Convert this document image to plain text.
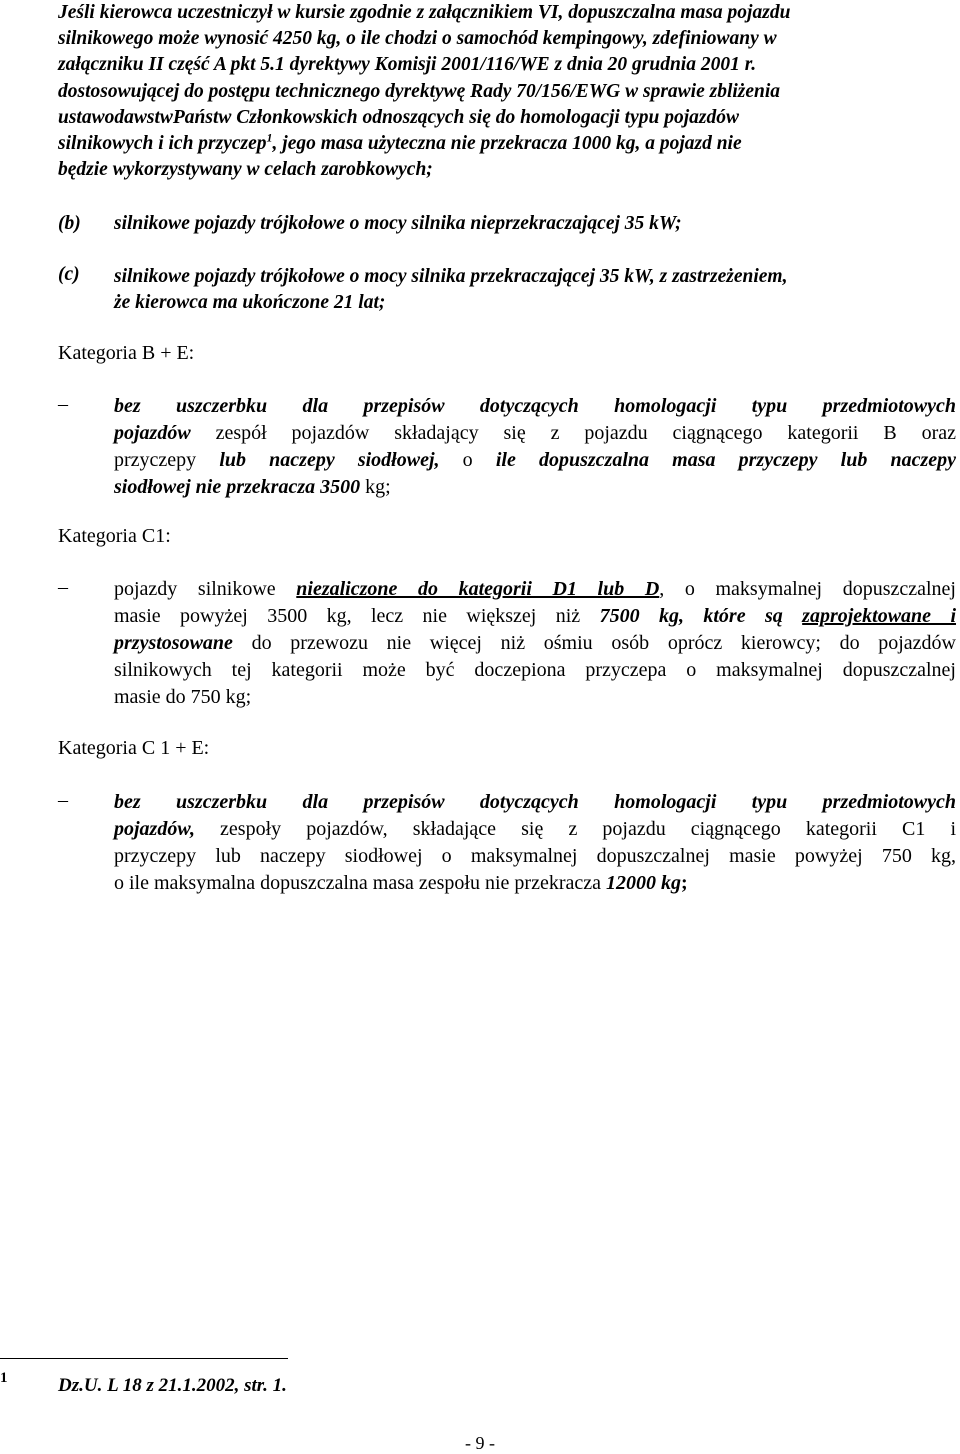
Jeśli kierowca uczestniczył w kursie zgodnie z załącznikiem VI, dopuszczalna masa pojazdu
silnikowego może wynosić 4250 kg, o ile chodzi o samochód kempingowy, zdefiniowany w
załączniku II część A pkt 5.1 dyrektywy Komisji 2001/116/WE z dnia 20 grudnia 2001 r.
dostosowującej do postępu technicznego dyrektywę Rady 70/156/EWG w sprawie zbliżenia
ustawodawstwPaństw Członkowskich odnoszących się do homologacji typu pojazdów
silnikowych i ich przyczep$^1$, jego masa użyteczna nie przekracza 1000 kg, a pojazd nie
będzie wykorzystywany w celach zarobkowych;
(b) silnikowe pojazdy trójkołowe o mocy silnika nieprzekraczającej 35 kW;
(c) silnikowe pojazdy trójkołowe o mocy silnika przekraczającej 35 kW, z zastrzeżeniem,
że kierowca ma ukończone 21 lat;
Kategoria B + E:
– bez uszczerbku dla przepisów dotyczących homologacji typu przedmiotowych
pojazdów zespół pojazdów składający się z pojazdu ciągnącego kategorii B oraz
przyczepy lub naczepy siodłowej, o ile dopuszczalna masa przyczepy lub naczepy
siodłowej nie przekracza 3500 kg;
Kategoria C1:
– pojazdy silnikowe niezaliczone do kategorii D1 lub D, o maksymalnej dopuszczalnej
masie powyżej 3500 kg, lecz nie większej niż 7500 kg, które są zaprojektowane i
przystosowane do przewozu nie więcej niż ośmiu osób oprócz kierowcy; do pojazdów
silnikowych tej kategorii może być doczepiona przyczepa o maksymalnej dopuszczalnej
masie do 750 kg;
Kategoria C 1 + E:
– bez uszczerbku dla przepisów dotyczących homologacji typu przedmiotowych
pojazdów, zespoły pojazdów, składające się z pojazdu ciągnącego kategorii C1 i
przyczepy lub naczepy siodłowej o maksymalnej dopuszczalnej masie powyżej 750 kg,
o ile maksymalna dopuszczalna masa zespołu nie przekracza 12000 kg;
1	Dz.U. L 18 z 21.1.2002, str. 1.
- 9 -
